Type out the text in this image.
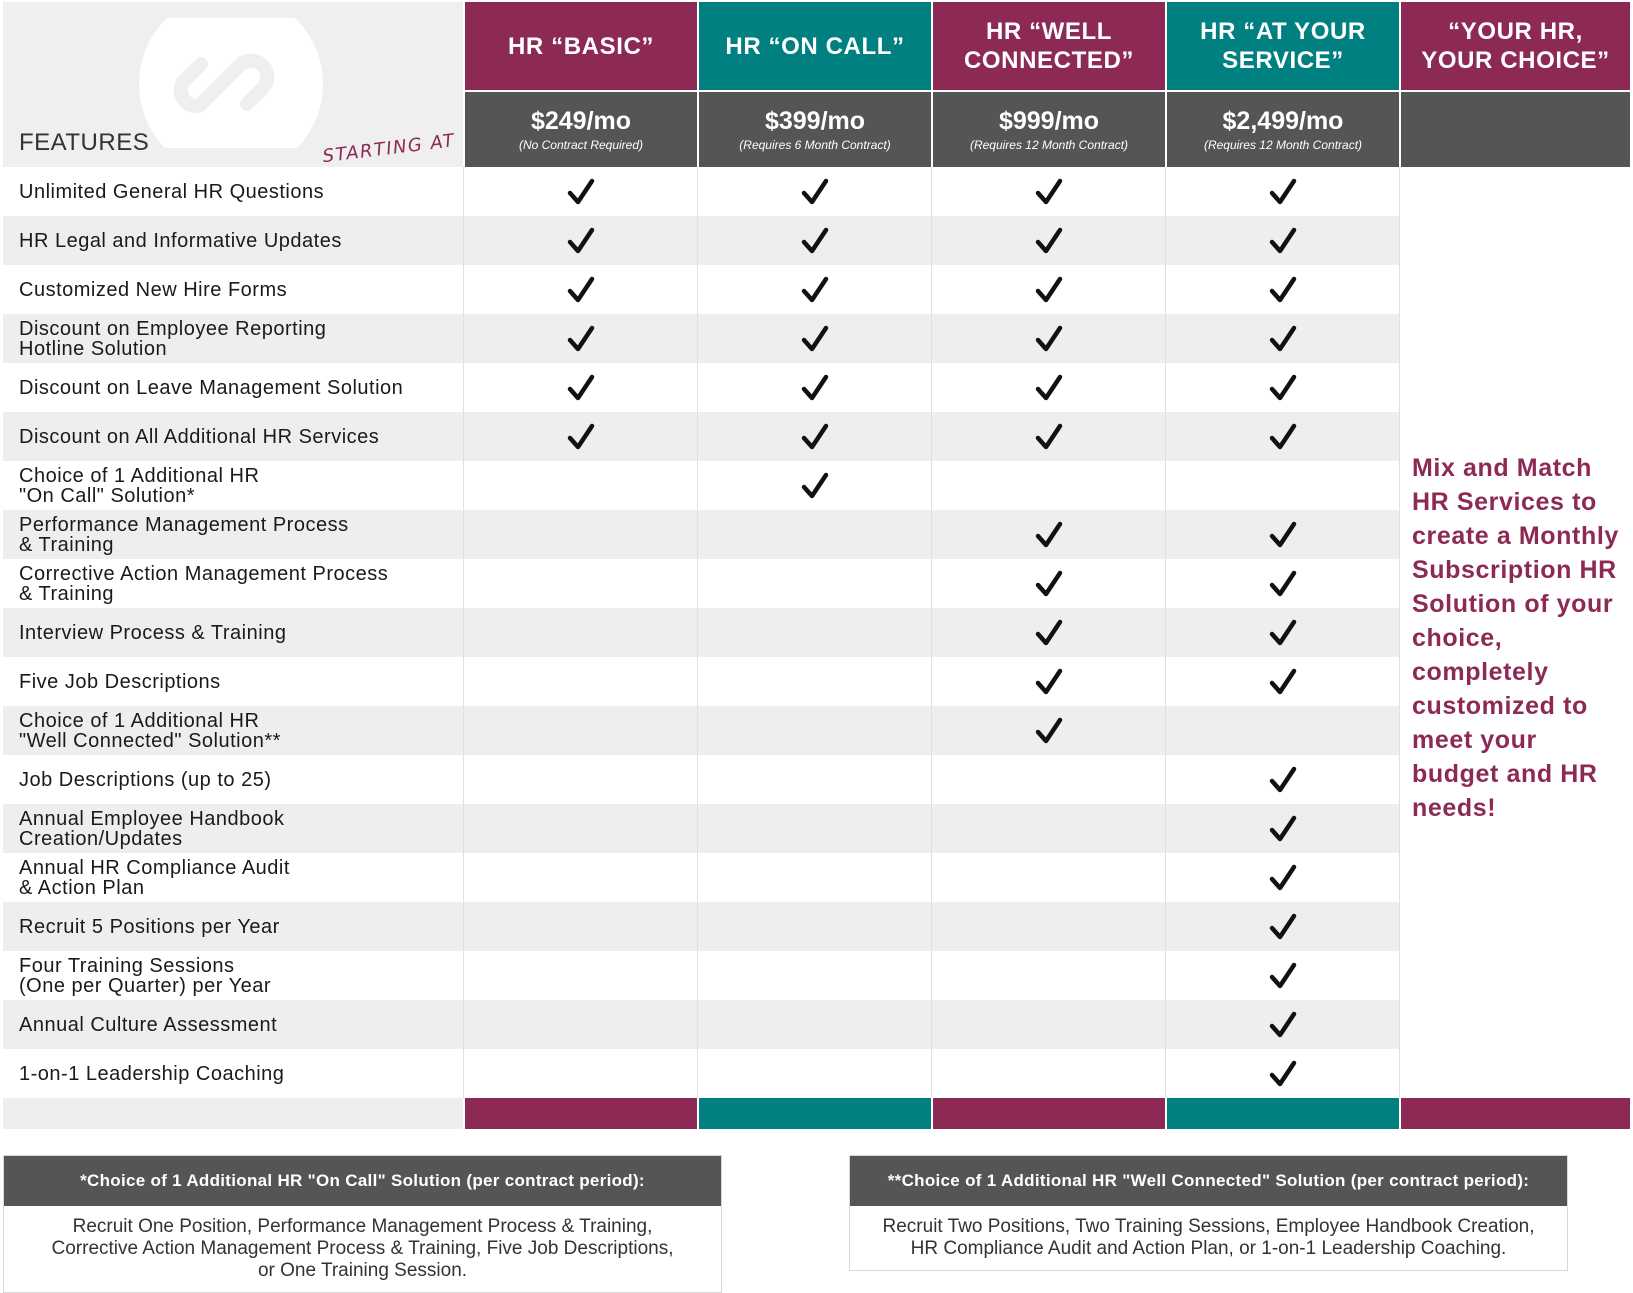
FEATURES	STARTING AT
HR “BASIC”
$249/mo
(No Contract Required)
HR “ON CALL”
$399/mo
(Requires 6 Month Contract)
HR “WELL CONNECTED”
$999/mo
(Requires 12 Month Contract)
HR “AT YOUR SERVICE”
$2,499/mo
(Requires 12 Month Contract)
“YOUR HR, YOUR CHOICE”
Unlimited General HR Questions
HR Legal and Informative Updates
Customized New Hire Forms
Discount on Employee Reporting
Hotline Solution
Discount on Leave Management Solution
Discount on All Additional HR Services
Choice of 1 Additional HR
"On Call" Solution*
Performance Management Process
& Training
Corrective Action Management Process
& Training
Interview Process & Training
Five Job Descriptions
Choice of 1 Additional HR
"Well Connected" Solution**
Job Descriptions (up to 25)
Annual Employee Handbook
Creation/Updates
Annual HR Compliance Audit
& Action Plan
Recruit 5 Positions per Year
Four Training Sessions
(One per Quarter) per Year
Annual Culture Assessment
1-on-1 Leadership Coaching
Mix and Match HR Services to create a Monthly Subscription HR Solution of your choice, completely customized to meet your budget and HR needs!
*Choice of 1 Additional HR "On Call" Solution (per contract period):
Recruit One Position, Performance Management Process & Training,
Corrective Action Management Process & Training, Five Job Descriptions,
or One Training Session.
**Choice of 1 Additional HR "Well Connected" Solution (per contract period):
Recruit Two Positions, Two Training Sessions, Employee Handbook Creation,
HR Compliance Audit and Action Plan, or 1-on-1 Leadership Coaching.
